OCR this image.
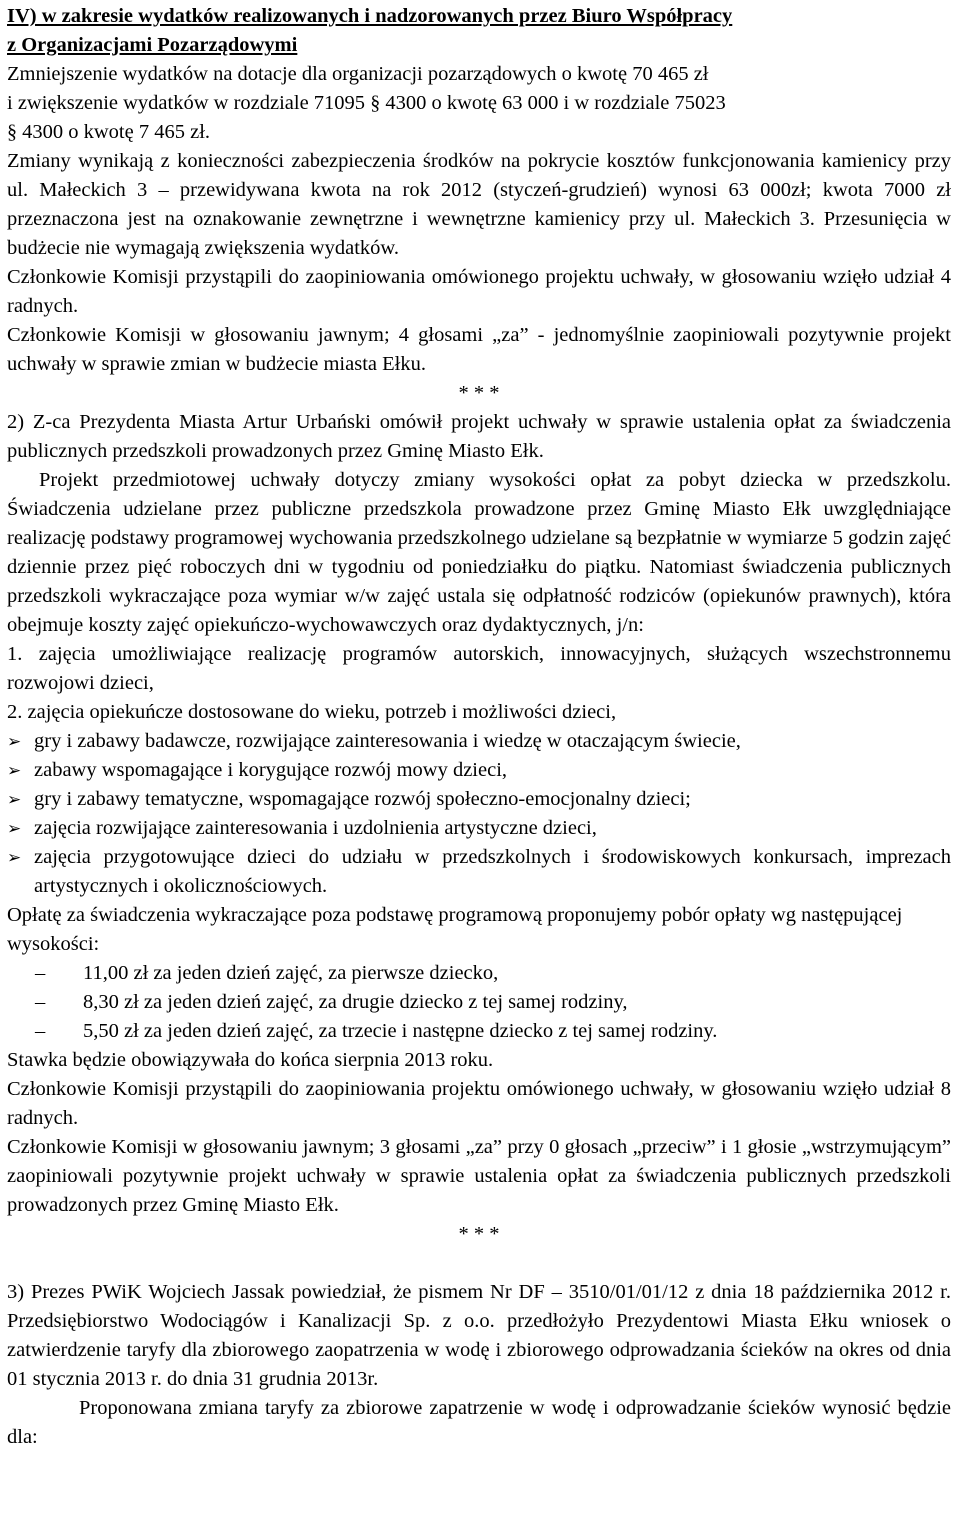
IV) w zakresie wydatków realizowanych i nadzorowanych przez Biuro Współpracy

z Organizacjami Pozarządowymi

Zmniejszenie wydatków na dotacje dla organizacji pozarządowych o kwotę 70 465 zł

i zwiększenie wydatków w rozdziale 71095 § 4300 o kwotę 63 000 i w rozdziale 75023

§ 4300 o kwotę 7 465 zł.

Zmiany wynikają z konieczności zabezpieczenia środków na pokrycie kosztów funkcjonowania kamienicy przy ul. Małeckich 3 – przewidywana kwota na rok 2012 (styczeń-grudzień) wynosi 63 000zł; kwota 7000 zł przeznaczona jest na oznakowanie zewnętrzne i wewnętrzne kamienicy przy ul. Małeckich 3. Przesunięcia w budżecie nie wymagają zwiększenia wydatków.

Członkowie Komisji przystąpili do zaopiniowania omówionego projektu uchwały, w głosowaniu wzięło udział 4 radnych.

Członkowie Komisji w głosowaniu jawnym; 4 głosami „za” - jednomyślnie zaopiniowali pozytywnie projekt uchwały w sprawie zmian w budżecie miasta Ełku.

* * *

2) Z-ca Prezydenta Miasta Artur Urbański omówił projekt uchwały w sprawie ustalenia opłat za świadczenia publicznych przedszkoli prowadzonych przez Gminę Miasto Ełk.

Projekt przedmiotowej uchwały dotyczy zmiany wysokości opłat za pobyt dziecka w przedszkolu. Świadczenia udzielane przez publiczne przedszkola prowadzone przez Gminę Miasto Ełk uwzględniające realizację podstawy programowej wychowania przedszkolnego udzielane są bezpłatnie w wymiarze 5 godzin zajęć dziennie przez pięć roboczych dni w tygodniu od poniedziałku do piątku. Natomiast świadczenia publicznych przedszkoli wykraczające poza wymiar w/w zajęć ustala się odpłatność rodziców (opiekunów prawnych), która obejmuje koszty zajęć opiekuńczo-wychowawczych oraz dydaktycznych, j/n:

1. zajęcia umożliwiające realizację programów autorskich, innowacyjnych, służących wszechstronnemu rozwojowi dzieci,

2. zajęcia opiekuńcze dostosowane do wieku, potrzeb i możliwości dzieci,

➢ gry i zabawy badawcze, rozwijające zainteresowania i wiedzę w otaczającym świecie,
➢ zabawy wspomagające i korygujące rozwój mowy dzieci,
➢ gry i zabawy tematyczne, wspomagające rozwój społeczno-emocjonalny dzieci;
➢ zajęcia rozwijające zainteresowania i uzdolnienia artystyczne dzieci,
➢ zajęcia przygotowujące dzieci do udziału w przedszkolnych i środowiskowych konkursach, imprezach artystycznych i okolicznościowych.

Opłatę za świadczenia wykraczające poza podstawę programową proponujemy pobór opłaty wg następującej wysokości:

–	11,00 zł za jeden dzień zajęć, za pierwsze dziecko,
–	8,30 zł za jeden dzień zajęć, za drugie dziecko z tej samej rodziny,
–	5,50 zł za jeden dzień zajęć, za trzecie i następne dziecko z tej samej rodziny.

Stawka będzie obowiązywała do końca sierpnia 2013 roku.

Członkowie Komisji przystąpili do zaopiniowania projektu omówionego uchwały, w głosowaniu wzięło udział 8 radnych.

Członkowie Komisji w głosowaniu jawnym; 3 głosami „za” przy 0 głosach „przeciw” i 1 głosie „wstrzymującym” zaopiniowali pozytywnie projekt uchwały w sprawie ustalenia opłat za świadczenia publicznych przedszkoli prowadzonych przez Gminę Miasto Ełk.

* * *

3) Prezes PWiK Wojciech Jassak powiedział, że pismem Nr DF – 3510/01/01/12 z dnia 18 października 2012 r. Przedsiębiorstwo Wodociągów i Kanalizacji Sp. z o.o. przedłożyło Prezydentowi Miasta Ełku wniosek o zatwierdzenie taryfy dla zbiorowego zaopatrzenia w wodę i zbiorowego odprowadzania ścieków na okres od dnia 01 stycznia 2013 r. do dnia 31 grudnia 2013r.

Proponowana zmiana taryfy za zbiorowe zapatrzenie w wodę i odprowadzanie ścieków wynosić będzie dla:
